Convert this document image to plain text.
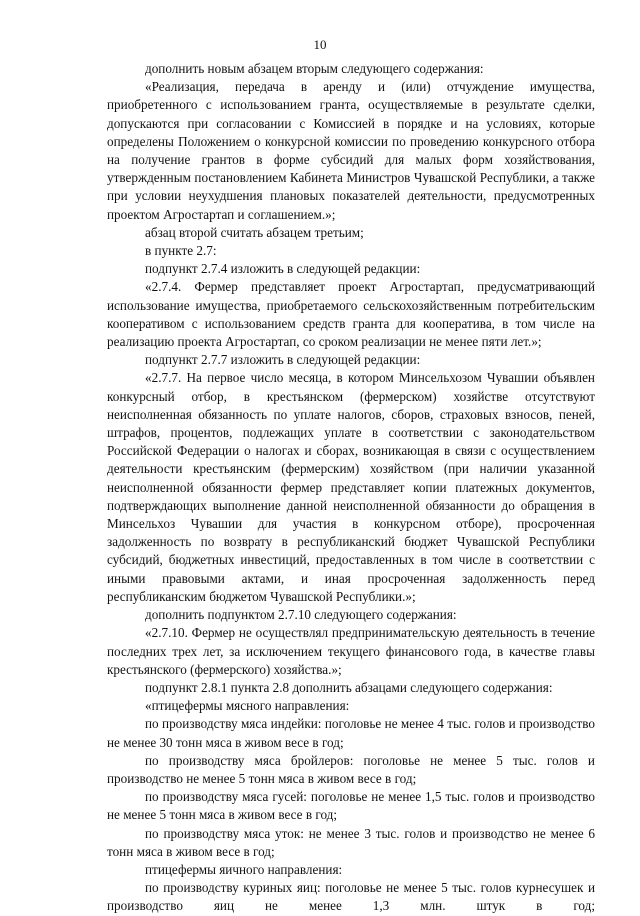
10

дополнить новым абзацем вторым следующего содержания:

«Реализация, передача в аренду и (или) отчуждение имущества, приобретенного с использованием гранта, осуществляемые в результате сделки, допускаются при согласовании с Комиссией в порядке и на условиях, которые определены Положением о конкурсной комиссии по проведению конкурсного отбора на получение грантов в форме субсидий для малых форм хозяйствования, утвержденным постановлением Кабинета Министров Чувашской Республики, а также при условии неухудшения плановых показателей деятельности, предусмотренных проектом Агростартап и соглашением.»;

абзац второй считать абзацем третьим;

в пункте 2.7:

подпункт 2.7.4 изложить в следующей редакции:

«2.7.4. Фермер представляет проект Агростартап, предусматривающий использование имущества, приобретаемого сельскохозяйственным потребительским кооперативом с использованием средств гранта для кооператива, в том числе на реализацию проекта Агростартап, со сроком реализации не менее пяти лет.»;

подпункт 2.7.7 изложить в следующей редакции:

«2.7.7. На первое число месяца, в котором Минсельхозом Чувашии объявлен конкурсный отбор, в крестьянском (фермерском) хозяйстве отсутствуют неисполненная обязанность по уплате налогов, сборов, страховых взносов, пеней, штрафов, процентов, подлежащих уплате в соответствии с законодательством Российской Федерации о налогах и сборах, возникающая в связи с осуществлением деятельности крестьянским (фермерским) хозяйством (при наличии указанной неисполненной обязанности фермер представляет копии платежных документов, подтверждающих выполнение данной неисполненной обязанности до обращения в Минсельхоз Чувашии для участия в конкурсном отборе), просроченная задолженность по возврату в республиканский бюджет Чувашской Республики субсидий, бюджетных инвестиций, предоставленных в том числе в соответствии с иными правовыми актами, и иная просроченная задолженность перед республиканским бюджетом Чувашской Республики.»;

дополнить подпунктом 2.7.10 следующего содержания:

«2.7.10. Фермер не осуществлял предпринимательскую деятельность в течение последних трех лет, за исключением текущего финансового года, в качестве главы крестьянского (фермерского) хозяйства.»;

подпункт 2.8.1 пункта 2.8 дополнить абзацами следующего содержания:

«птицефермы мясного направления:

по производству мяса индейки: поголовье не менее 4 тыс. голов и производство не менее 30 тонн мяса в живом весе в год;

по производству мяса бройлеров: поголовье не менее 5 тыс. голов и производство не менее 5 тонн мяса в живом весе в год;

по производству мяса гусей: поголовье не менее 1,5 тыс. голов и производство не менее 5 тонн мяса в живом весе в год;

по производству мяса уток: не менее 3 тыс. голов и производство не менее 6 тонн мяса в живом весе в год;

птицефермы яичного направления:

по производству куриных яиц: поголовье не менее 5 тыс. голов курнесушек и производство яиц не менее 1,3 млн. штук в год;
